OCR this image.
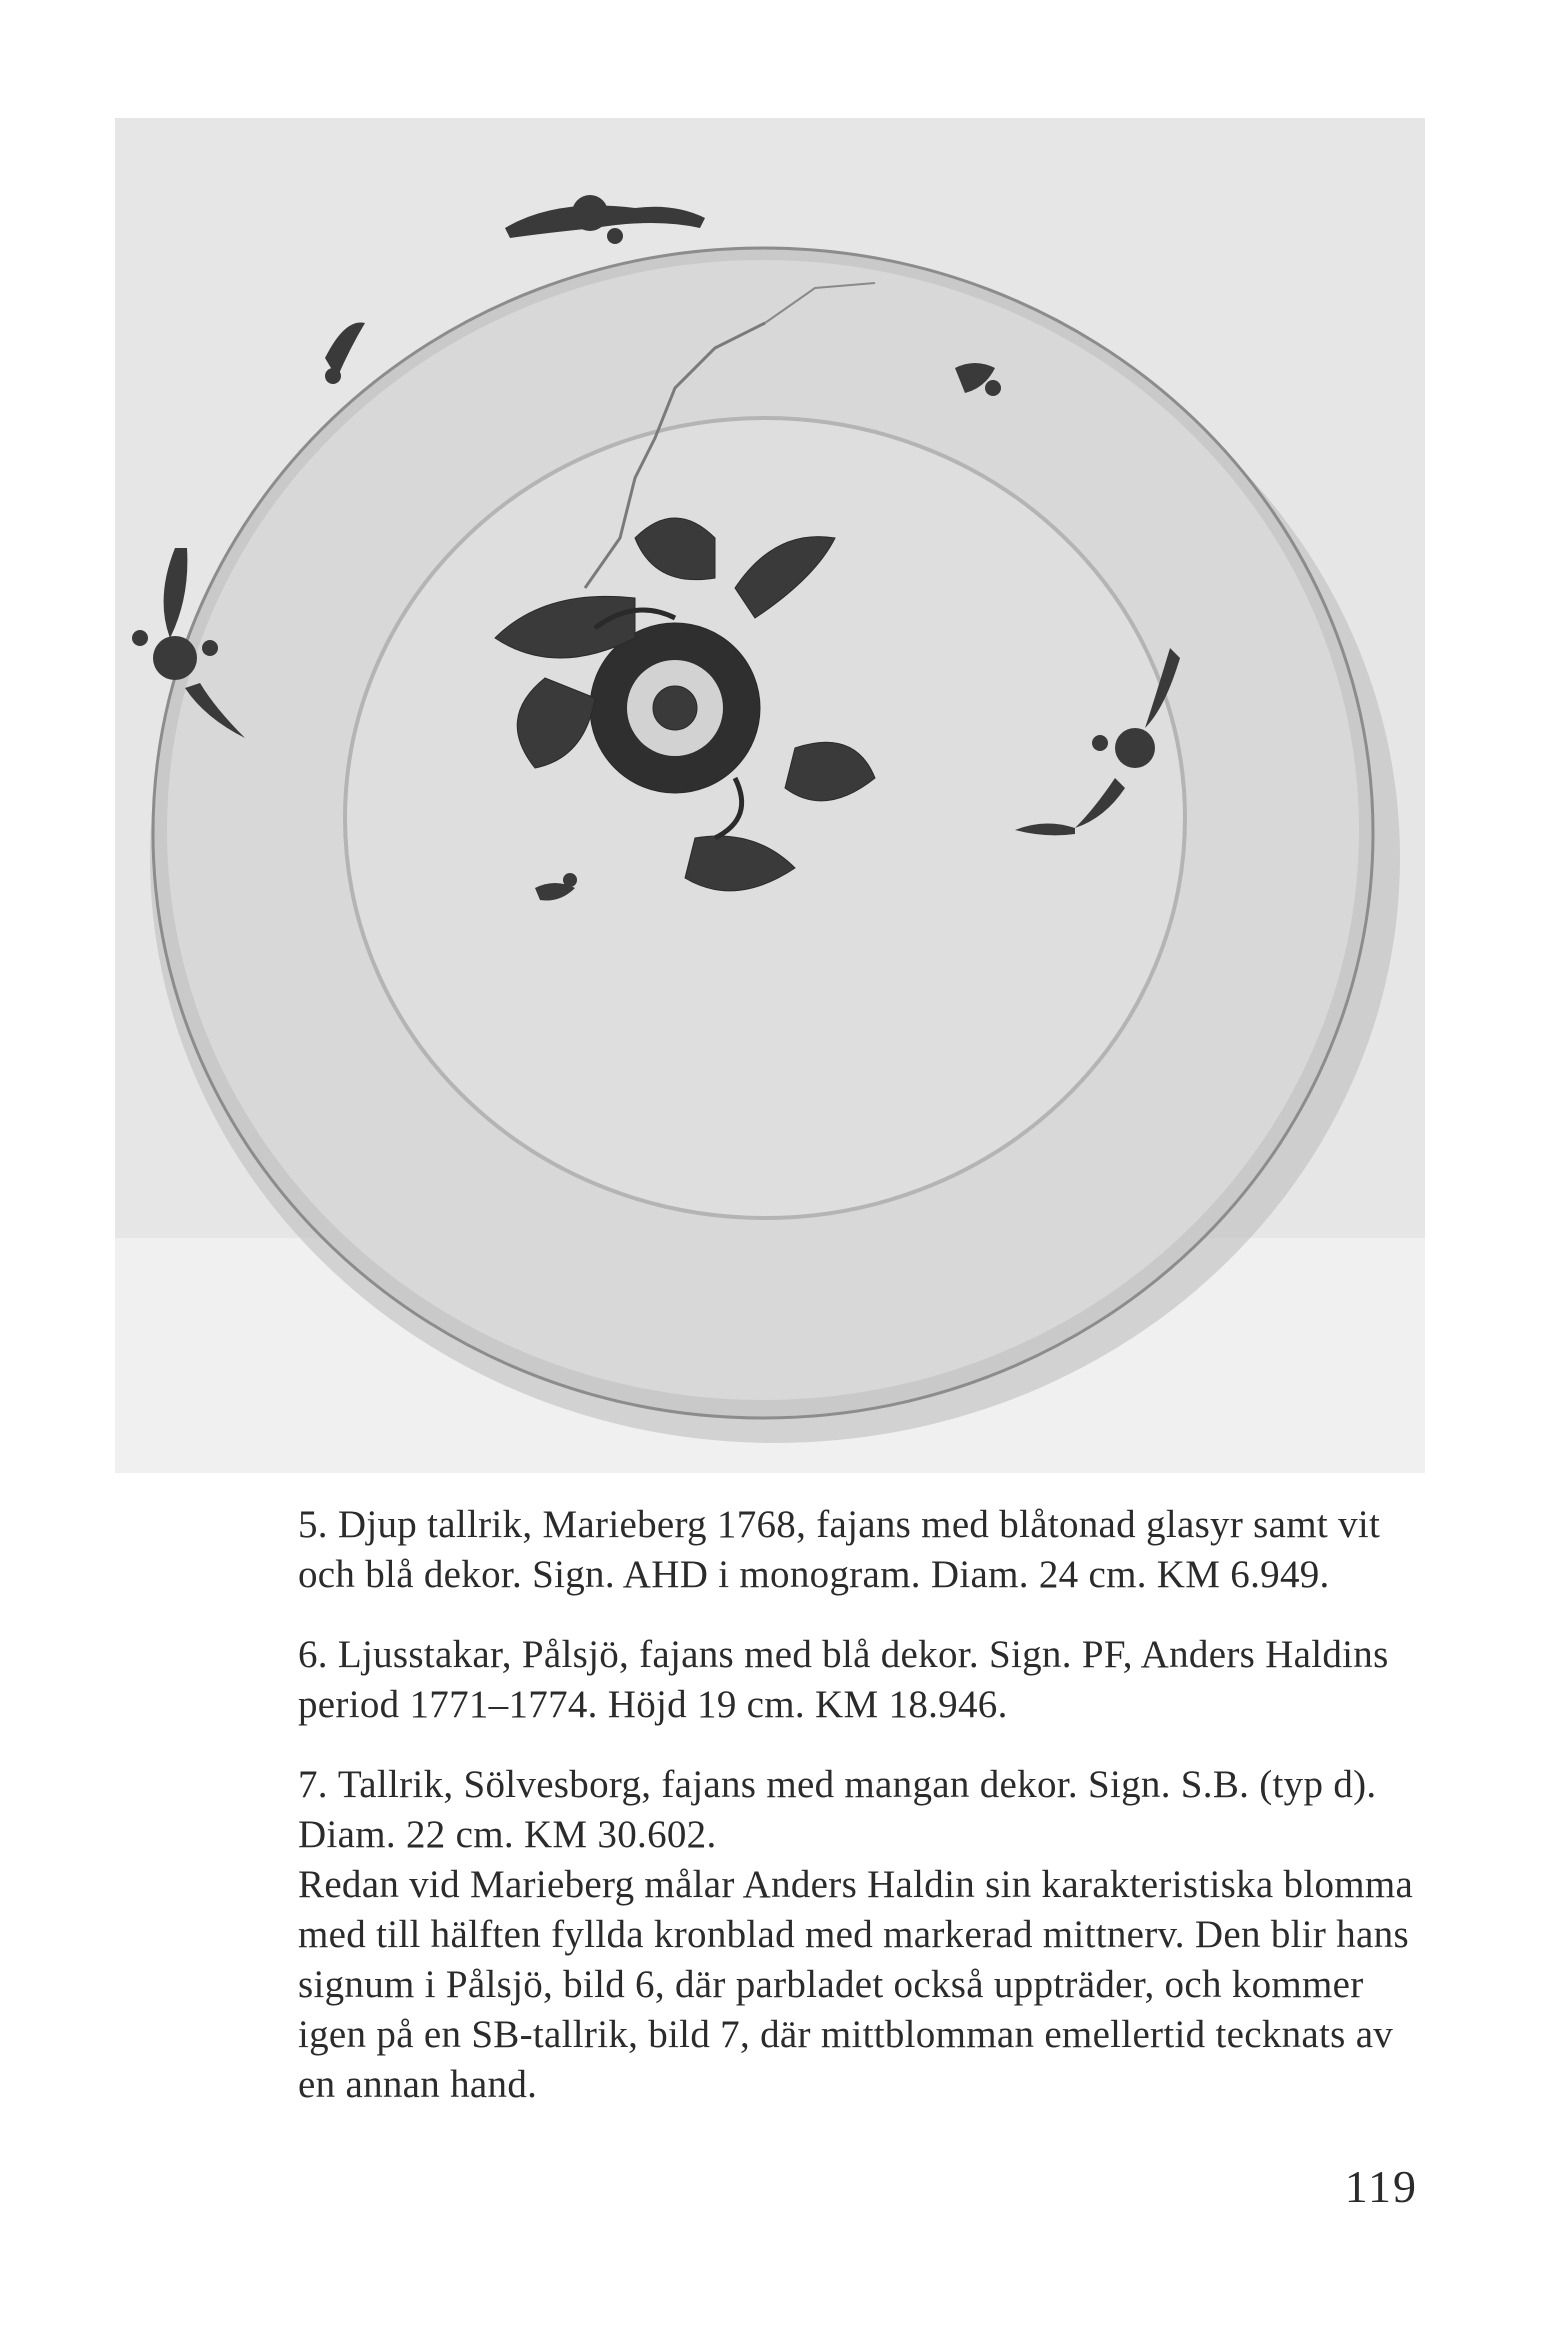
5. Djup tallrik, Marieberg 1768, fajans med blåtonad glasyr samt vit och blå dekor. Sign. AHD i monogram. Diam. 24 cm. KM 6.949.

6. Ljusstakar, Pålsjö, fajans med blå dekor. Sign. PF, Anders Haldins period 1771–1774. Höjd 19 cm. KM 18.946.

7. Tallrik, Sölvesborg, fajans med mangan dekor. Sign. S.B. (typ d). Diam. 22 cm. KM 30.602.

Redan vid Marieberg målar Anders Haldin sin karakteristiska blomma med till hälften fyllda kronblad med markerad mittnerv. Den blir hans signum i Pålsjö, bild 6, där parbladet också uppträder, och kommer igen på en SB-tallrik, bild 7, där mittblomman emellertid tecknats av en annan hand.

119
